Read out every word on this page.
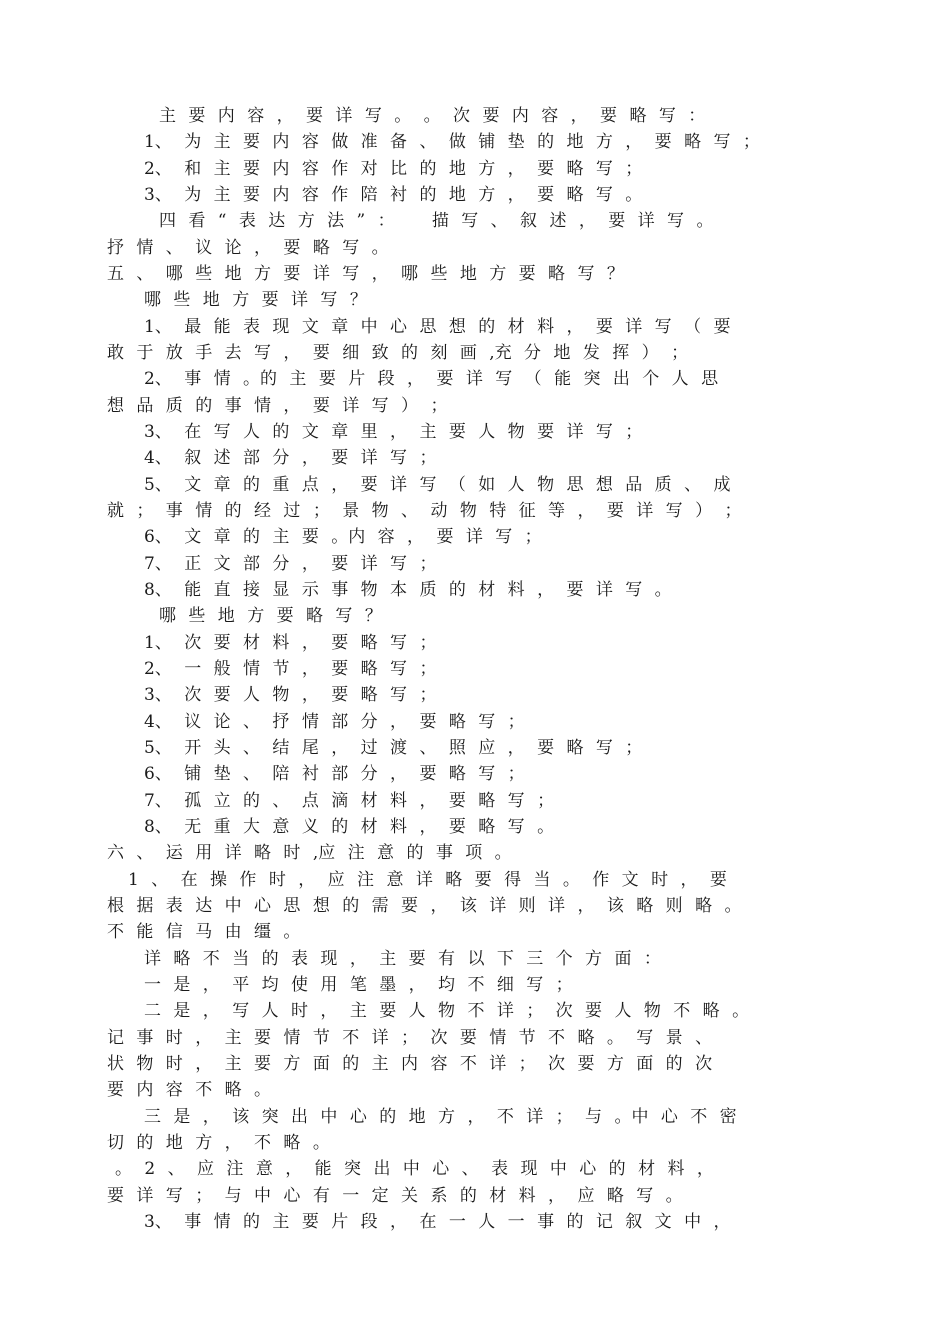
主 要 内 容 ， 要 详 写 。 。 次 要 内 容 ， 要 略 写 ：
1、 为 主 要 内 容 做 准 备 、 做 铺 垫 的 地 方 ， 要 略 写 ；
2、 和 主 要 内 容 作 对 比 的 地 方 ， 要 略 写 ；
3、 为 主 要 内 容 作 陪 衬 的 地 方 ， 要 略 写 。
四 看 “ 表 达 方 法 ” ：   描 写 、 叙 述 ， 要 详 写 。
抒 情 、 议 论 ， 要 略 写 。
五 、 哪 些 地 方 要 详 写 ， 哪 些 地 方 要 略 写 ？
哪 些 地 方 要 详 写 ？
1、 最 能 表 现 文 章 中 心 思 想 的 材 料 ， 要 详 写 （ 要
敢 于 放 手 去 写 ， 要 细 致 的 刻 画 ,充 分 地 发 挥 ） ；
2、 事 情 。的 主 要 片 段 ， 要 详 写 （ 能 突 出 个 人 思
想 品 质 的 事 情 ， 要 详 写 ） ；
3、 在 写 人 的 文 章 里 ， 主 要 人 物 要 详 写 ；
4、 叙 述 部 分 ， 要 详 写 ；
5、 文 章 的 重 点 ， 要 详 写 （ 如 人 物 思 想 品 质 、 成
就 ； 事 情 的 经 过 ； 景 物 、 动 物 特 征 等 ， 要 详 写 ） ；
6、 文 章 的 主 要 。内 容 ， 要 详 写 ；
7、 正 文 部 分 ， 要 详 写 ；
8、 能 直 接 显 示 事 物 本 质 的 材 料 ， 要 详 写 。
哪 些 地 方 要 略 写 ？
1、 次 要 材 料 ， 要 略 写 ；
2、 一 般 情 节 ， 要 略 写 ；
3、 次 要 人 物 ， 要 略 写 ；
4、 议 论 、 抒 情 部 分 ， 要 略 写 ；
5、 开 头 、 结 尾 ， 过 渡 、 照 应 ， 要 略 写 ；
6、 铺 垫 、 陪 衬 部 分 ， 要 略 写 ；
7、 孤 立 的 、 点 滴 材 料 ， 要 略 写 ；
8、 无 重 大 意 义 的 材 料 ， 要 略 写 。
六 、 运 用 详 略 时 ,应 注 意 的 事 项 。
1 、 在 操 作 时 ， 应 注 意 详 略 要 得 当 。 作 文 时 ， 要
根 据 表 达 中 心 思 想 的 需 要 ， 该 详 则 详 ， 该 略 则 略 。
不 能 信 马 由 缰 。
详 略 不 当 的 表 现 ， 主 要 有 以 下 三 个 方 面 ：
一 是 ， 平 均 使 用 笔 墨 ， 均 不 细 写 ；
二 是 ， 写 人 时 ， 主 要 人 物 不 详 ； 次 要 人 物 不 略 。
记 事 时 ， 主 要 情 节 不 详 ； 次 要 情 节 不 略 。 写 景 、
状 物 时 ， 主 要 方 面 的 主 内 容 不 详 ； 次 要 方 面 的 次
要 内 容 不 略 。
三 是 ， 该 突 出 中 心 的 地 方 ， 不 详 ； 与 。中 心 不 密
切 的 地 方 ， 不 略 。
。 2 、 应 注 意 ， 能 突 出 中 心 、 表 现 中 心 的 材 料 ，
要 详 写 ； 与 中 心 有 一 定 关 系 的 材 料 ， 应 略 写 。
3、 事 情 的 主 要 片 段 ， 在 一 人 一 事 的 记 叙 文 中 ，
